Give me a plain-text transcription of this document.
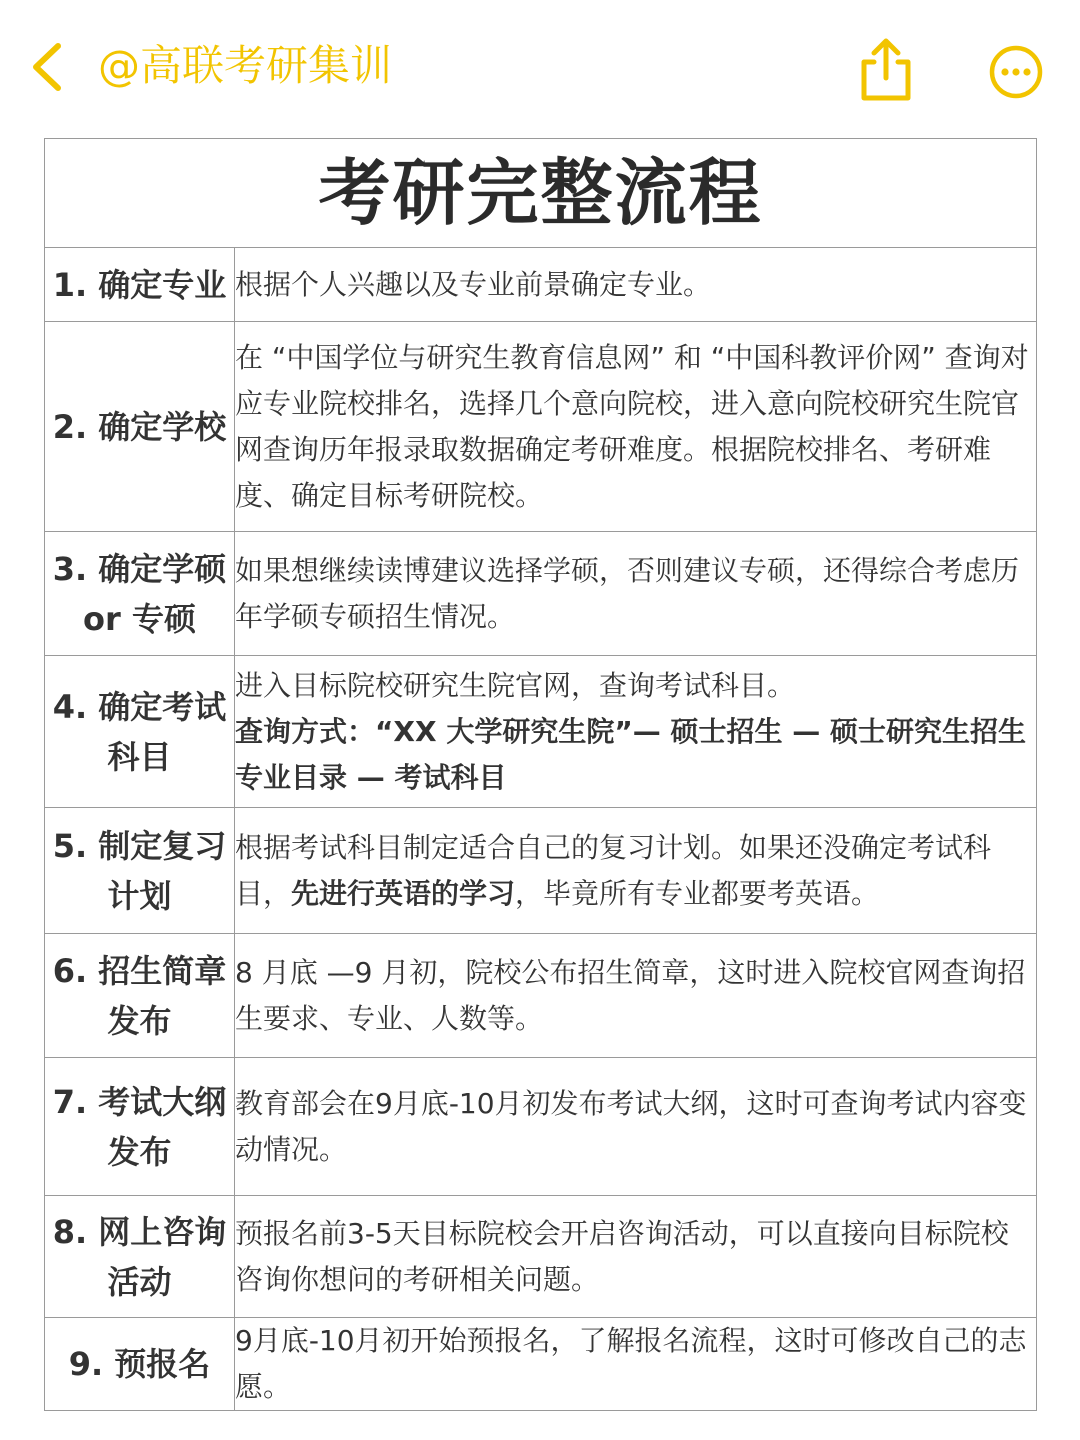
@高联考研集训
考研完整流程	
1. 确定专业	根据个人兴趣以及专业前景确定专业。
2. 确定学校	在 “中国学位与研究生教育信息网” 和 “中国科教评价网” 查询对应专业院校排名，选择几个意向院校，进入意向院校研究生院官网查询历年报录取数据确定考研难度。根据院校排名、考研难度、确定目标考研院校。
3. 确定学硕 or 专硕	如果想继续读博建议选择学硕，否则建议专硕，还得综合考虑历年学硕专硕招生情况。
4. 确定考试科目	进入目标院校研究生院官网，查询考试科目。
查询方式：“XX 大学研究生院”— 硕士招生 — 硕士研究生招生专业目录 — 考试科目
5. 制定复习计划	根据考试科目制定适合自己的复习计划。如果还没确定考试科目，先进行英语的学习，毕竟所有专业都要考英语。
6. 招生简章发布	8 月底 —9 月初，院校公布招生简章，这时进入院校官网查询招生要求、专业、人数等。
7. 考试大纲发布	教育部会在9月底-10月初发布考试大纲，这时可查询考试内容变动情况。
8. 网上咨询活动	预报名前3-5天目标院校会开启咨询活动，可以直接向目标院校咨询你想问的考研相关问题。
9. 预报名	9月底-10月初开始预报名，了解报名流程，这时可修改自己的志愿。
